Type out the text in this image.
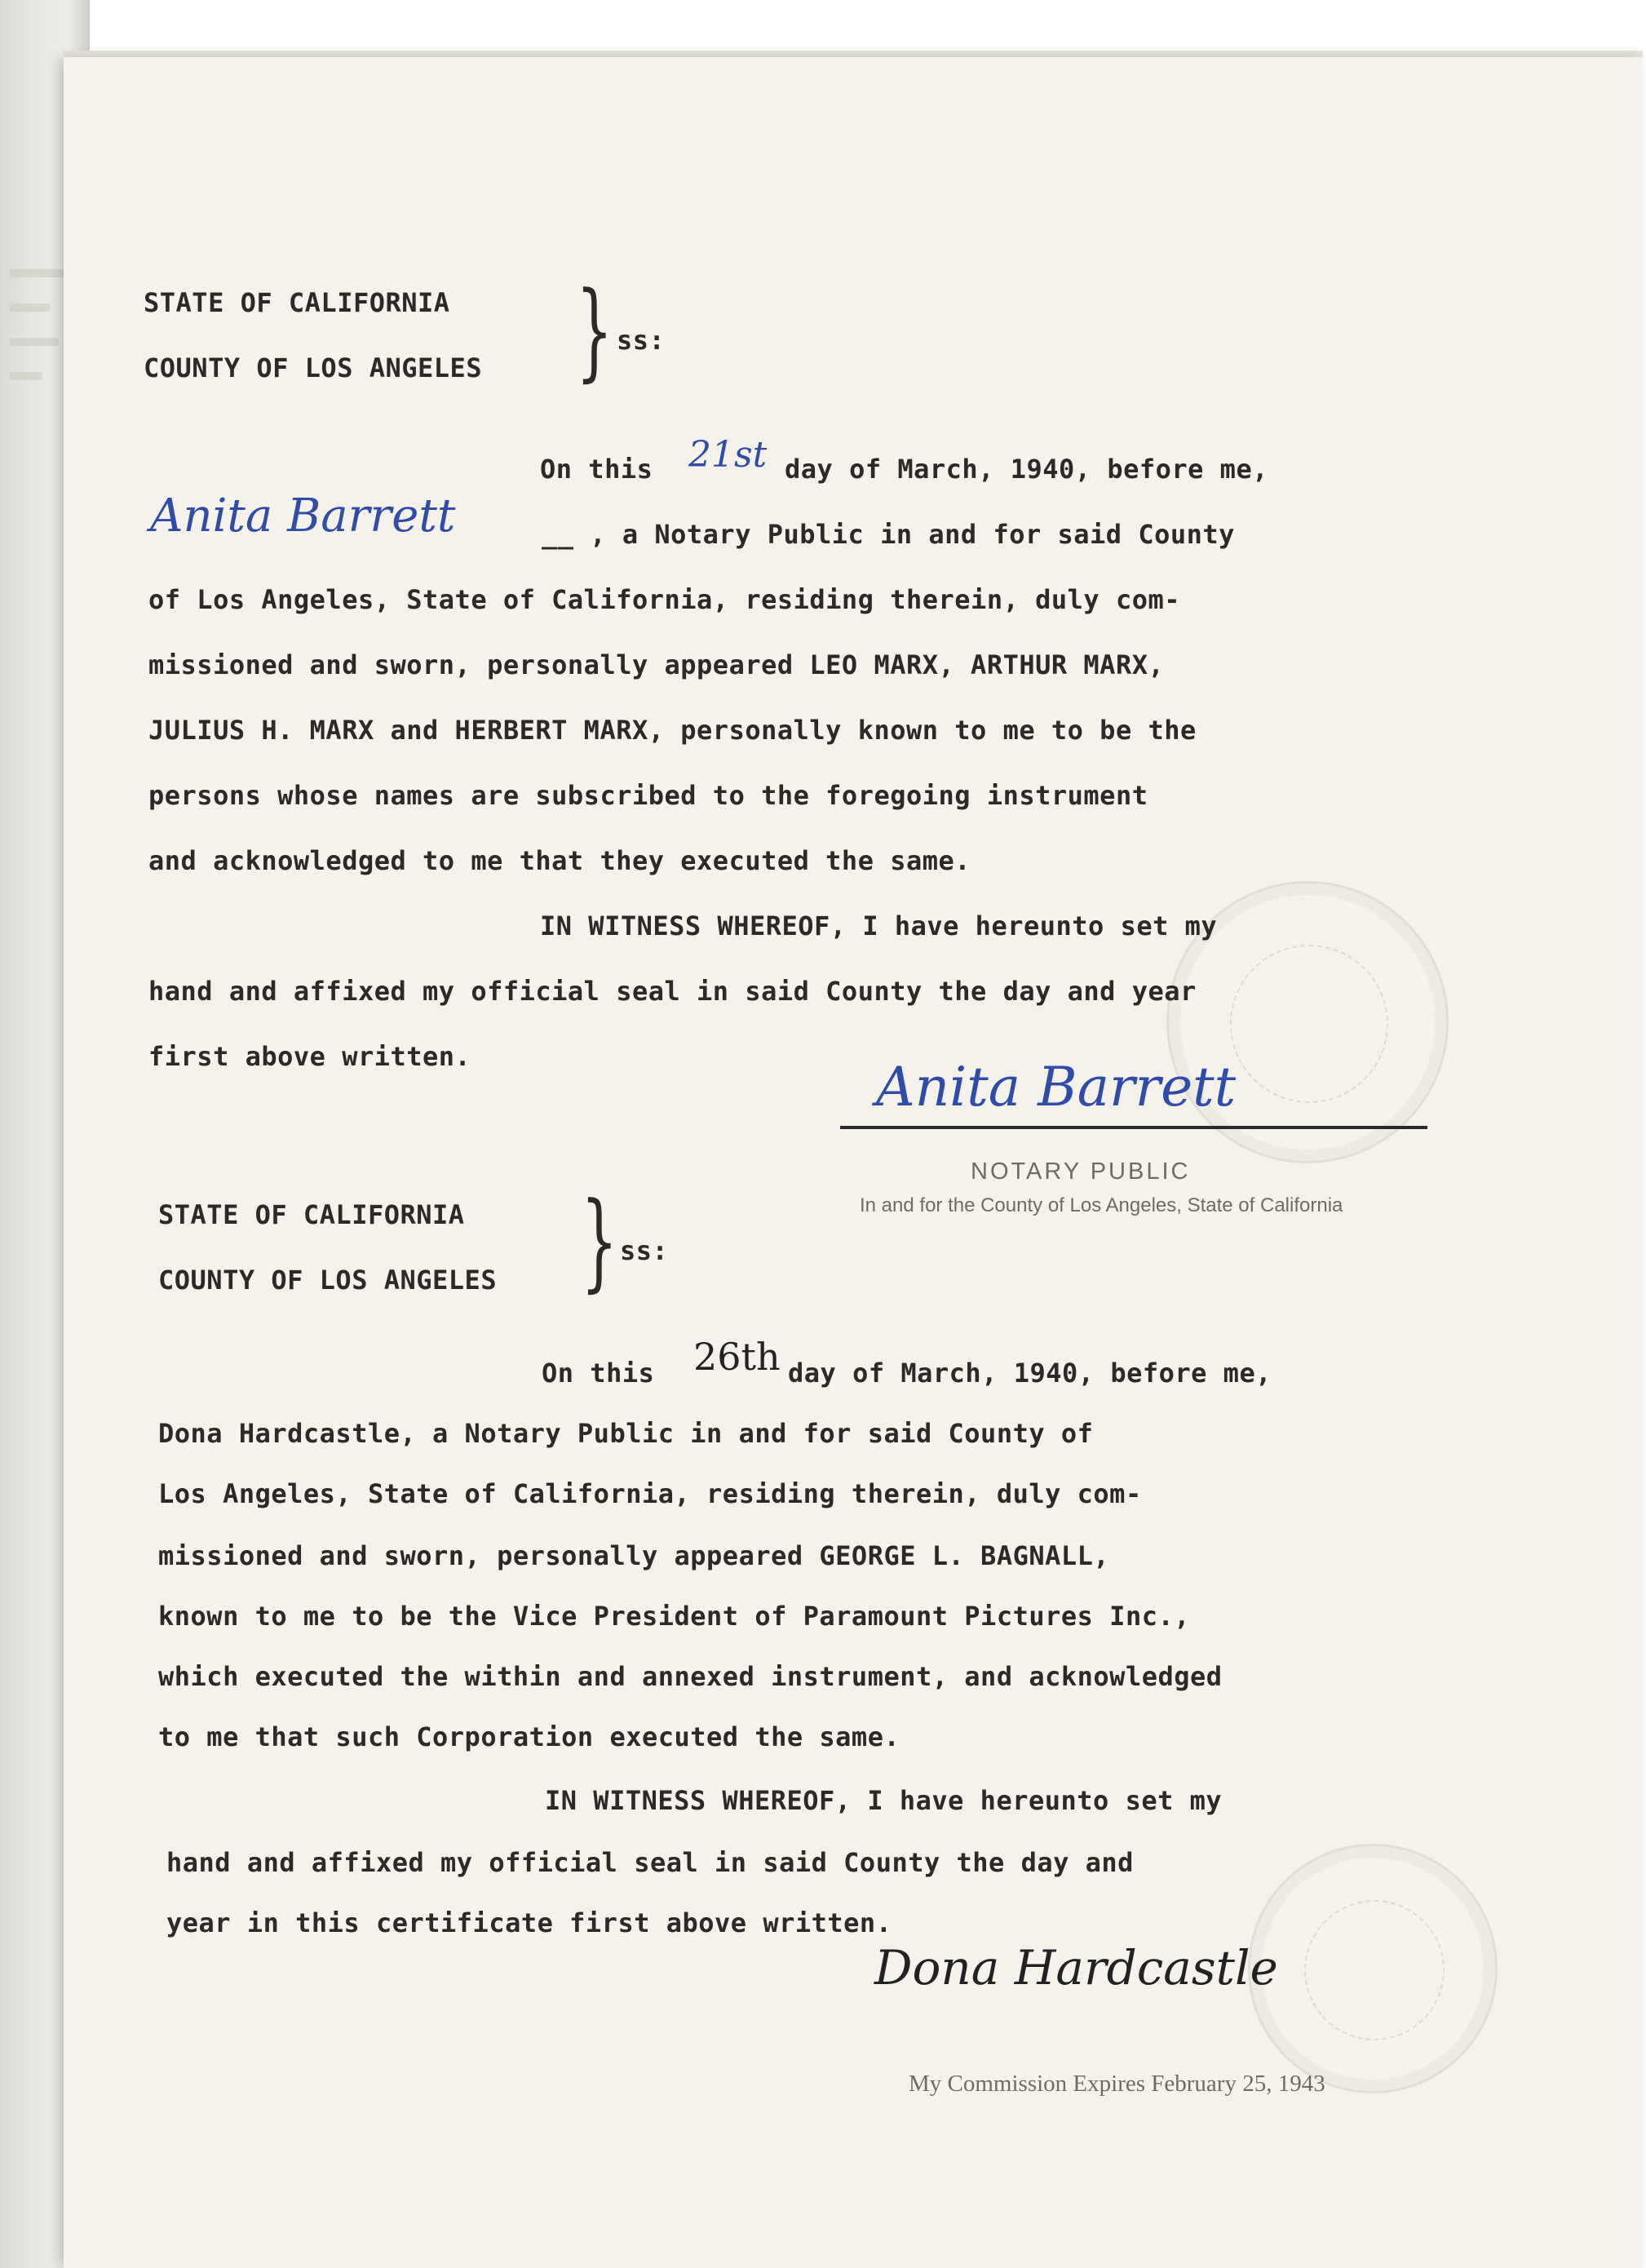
STATE OF CALIFORNIA
COUNTY OF LOS ANGELES } ss:
On this 21st day of March, 1940, before me,
Anita Barrett	__ , a Notary Public in and for said County
of Los Angeles, State of California, residing therein, duly com-
missioned and sworn, personally appeared LEO MARX, ARTHUR MARX,
JULIUS H. MARX and HERBERT MARX, personally known to me to be the
persons whose names are subscribed to the foregoing instrument
and acknowledged to me that they executed the same.
IN WITNESS WHEREOF, I have hereunto set my
hand and affixed my official seal in said County the day and year
first above written.	Anita Barrett
NOTARY PUBLIC
In and for the County of Los Angeles, State of California
STATE OF CALIFORNIA
COUNTY OF LOS ANGELES } ss:
On this 26th day of March, 1940, before me,
Dona Hardcastle, a Notary Public in and for said County of
Los Angeles, State of California, residing therein, duly com-
missioned and sworn, personally appeared GEORGE L. BAGNALL,
known to me to be the Vice President of Paramount Pictures Inc.,
which executed the within and annexed instrument, and acknowledged
to me that such Corporation executed the same.
IN WITNESS WHEREOF, I have hereunto set my
hand and affixed my official seal in said County the day and
year in this certificate first above written.
Dona Hardcastle
My Commission Expires February 25, 1943
